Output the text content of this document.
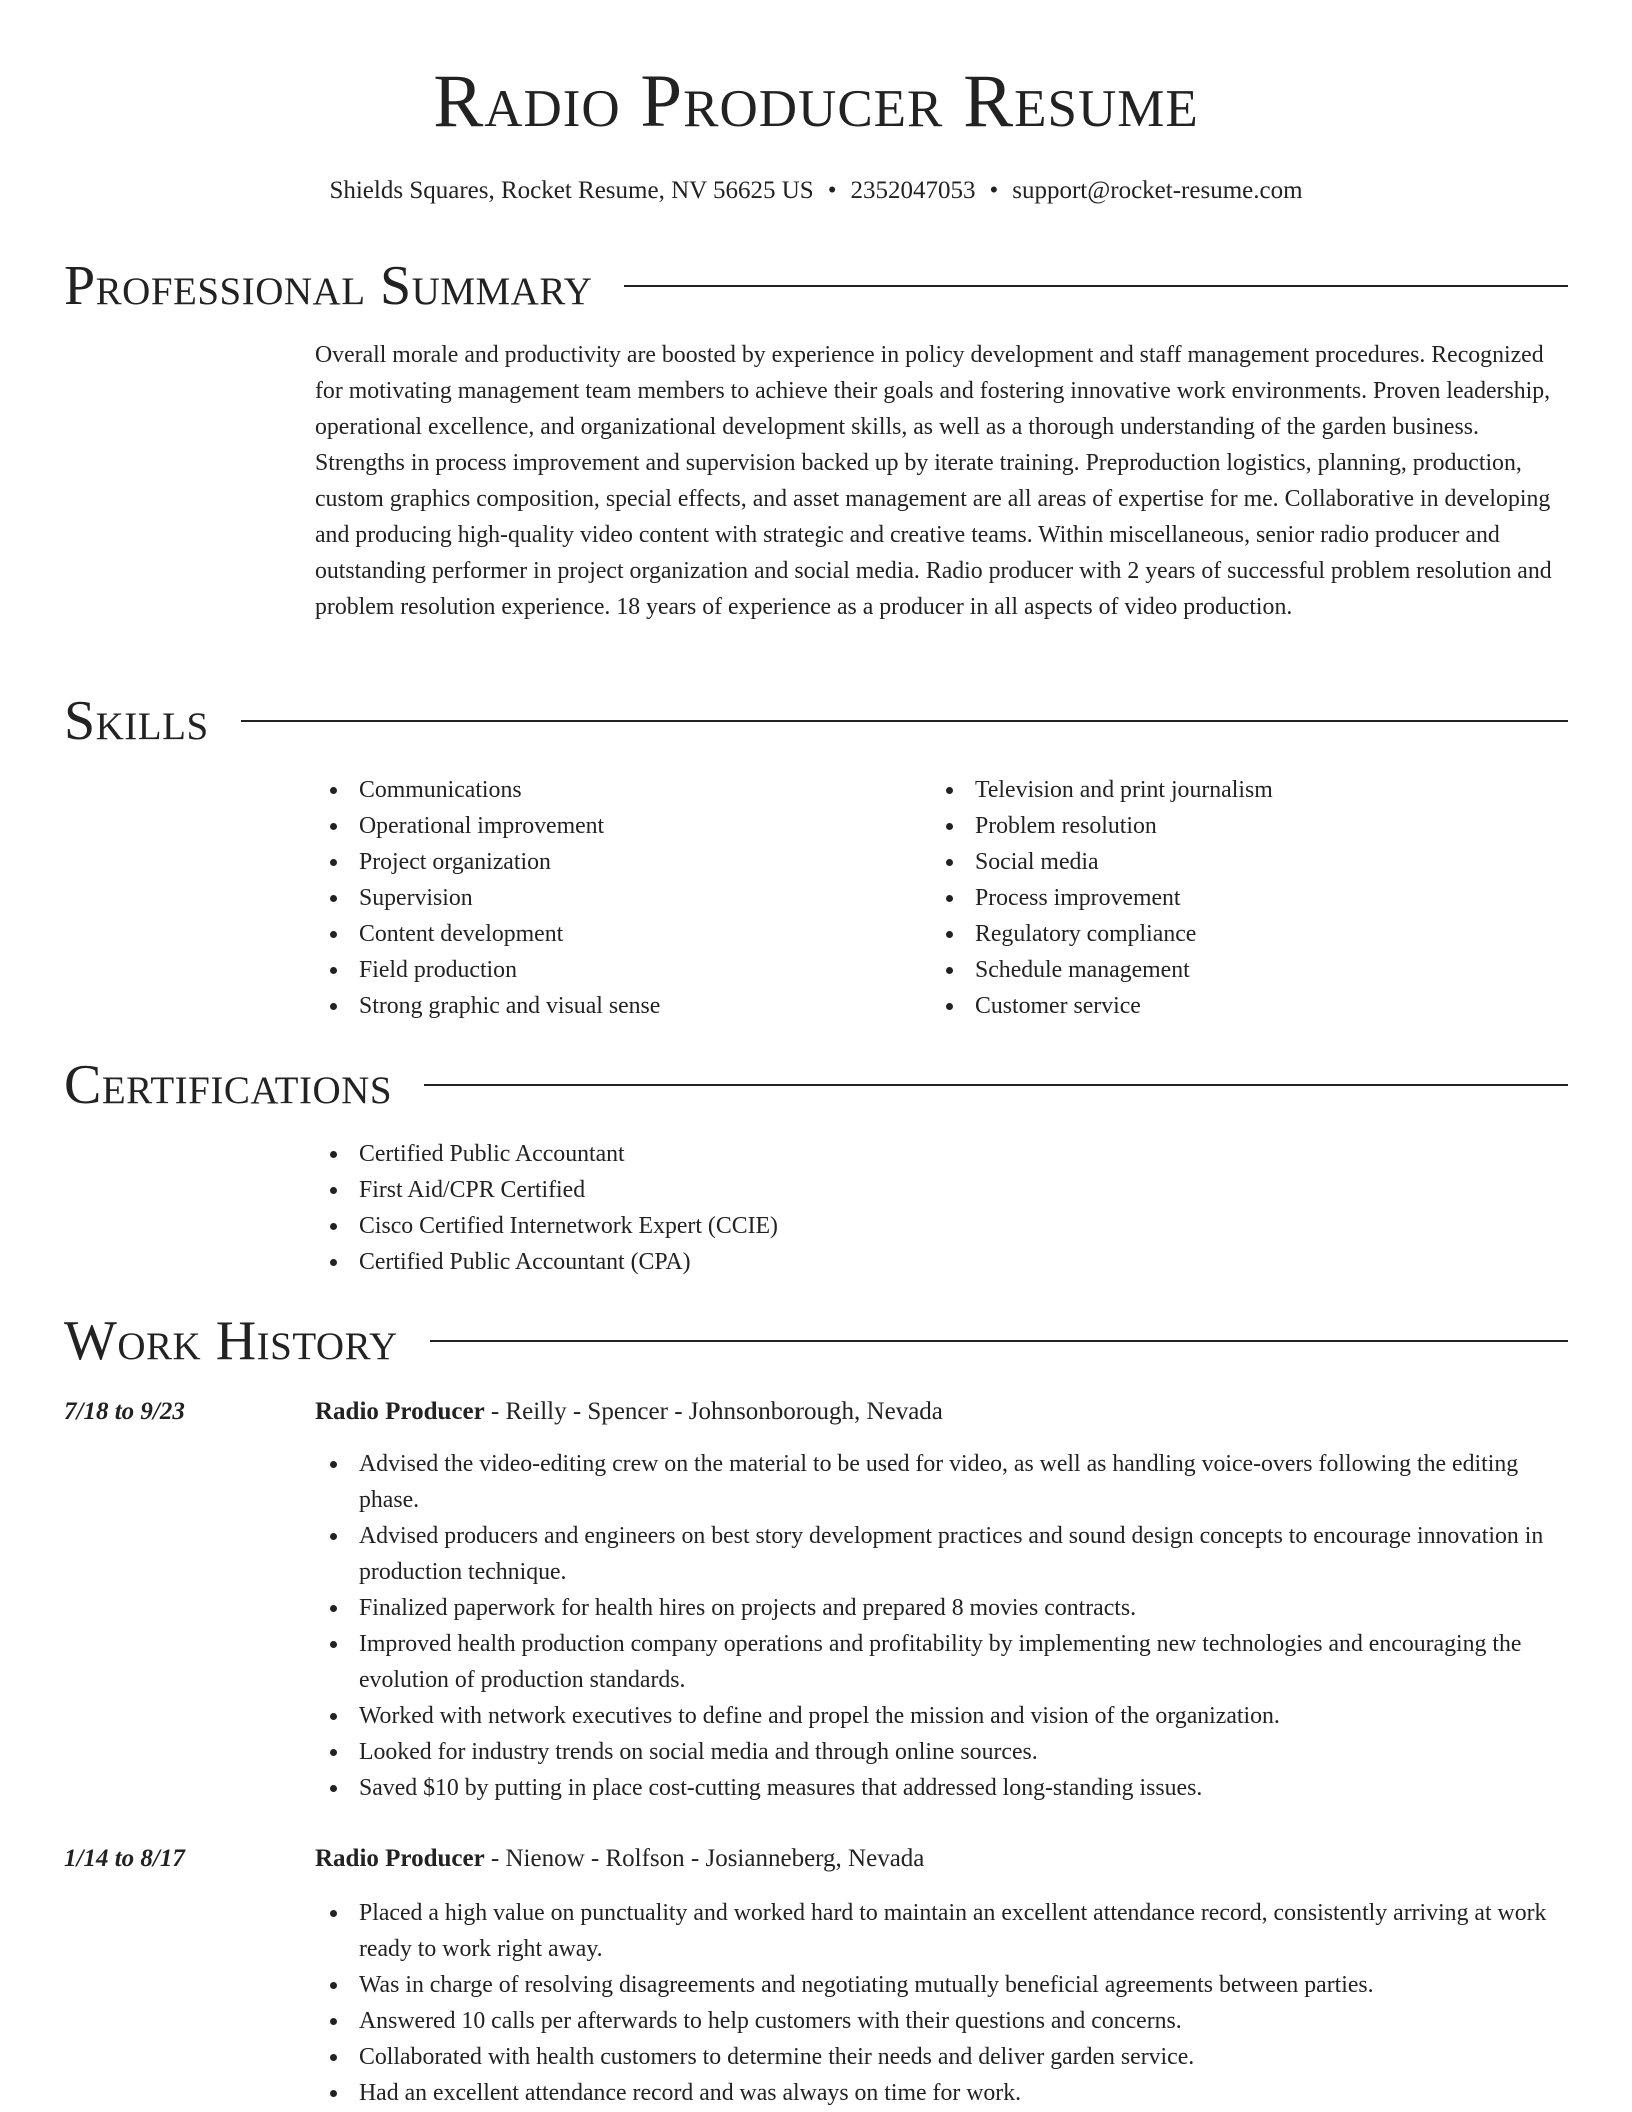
Radio Producer Resume
Shields Squares, Rocket Resume, NV 56625 US • 2352047053 • support@rocket-resume.com
Professional Summary

Overall morale and productivity are boosted by experience in policy development and staff management procedures. Recognized for motivating management team members to achieve their goals and fostering innovative work environments. Proven leadership, operational excellence, and organizational development skills, as well as a thorough understanding of the garden business. Strengths in process improvement and supervision backed up by iterate training. Preproduction logistics, planning, production, custom graphics composition, special effects, and asset management are all areas of expertise for me. Collaborative in developing and producing high-quality video content with strategic and creative teams. Within miscellaneous, senior radio producer and outstanding performer in project organization and social media. Radio producer with 2 years of successful problem resolution and problem resolution experience. 18 years of experience as a producer in all aspects of video production.

Skills
Communications
Operational improvement
Project organization
Supervision
Content development
Field production
Strong graphic and visual sense
Television and print journalism
Problem resolution
Social media
Process improvement
Regulatory compliance
Schedule management
Customer service
Certifications
Certified Public Accountant
First Aid/CPR Certified
Cisco Certified Internetwork Expert (CCIE)
Certified Public Accountant (CPA)
Work History
7/18 to 9/23	Radio Producer - Reilly - Spencer - Johnsonborough, Nevada
Advised the video-editing crew on the material to be used for video, as well as handling voice-overs following the editing phase.
Advised producers and engineers on best story development practices and sound design concepts to encourage innovation in production technique.
Finalized paperwork for health hires on projects and prepared 8 movies contracts.
Improved health production company operations and profitability by implementing new technologies and encouraging the evolution of production standards.
Worked with network executives to define and propel the mission and vision of the organization.
Looked for industry trends on social media and through online sources.
Saved $10 by putting in place cost-cutting measures that addressed long-standing issues.
1/14 to 8/17	Radio Producer - Nienow - Rolfson - Josianneberg, Nevada
Placed a high value on punctuality and worked hard to maintain an excellent attendance record, consistently arriving at work ready to work right away.
Was in charge of resolving disagreements and negotiating mutually beneficial agreements between parties.
Answered 10 calls per afterwards to help customers with their questions and concerns.
Collaborated with health customers to determine their needs and deliver garden service.
Had an excellent attendance record and was always on time for work.
